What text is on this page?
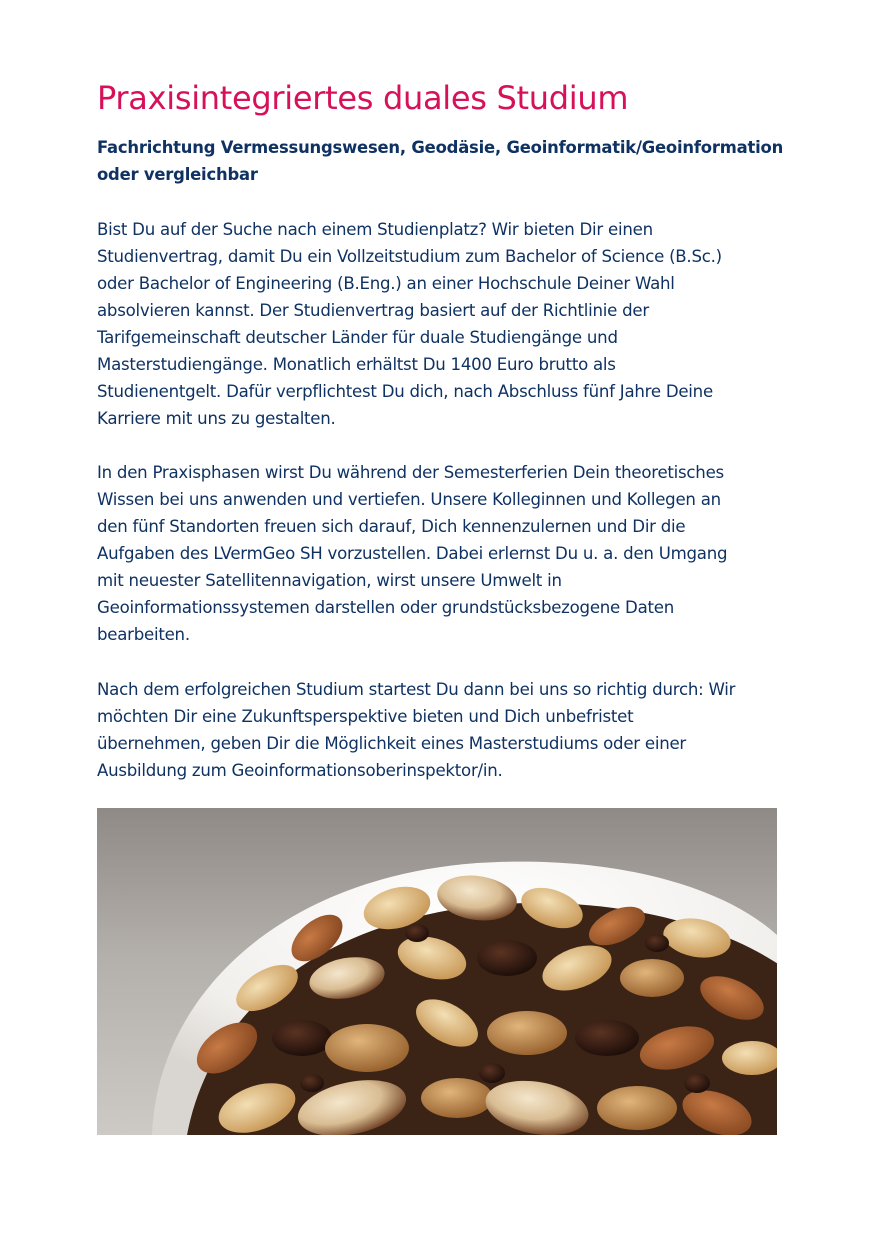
Praxisintegriertes duales Studium

Fachrichtung Vermessungswesen, Geodäsie, Geoinformatik/Geoinformation
oder vergleichbar

Bist Du auf der Suche nach einem Studienplatz? Wir bieten Dir einen
Studienvertrag, damit Du ein Vollzeitstudium zum Bachelor of Science (B.Sc.)
oder Bachelor of Engineering (B.Eng.) an einer Hochschule Deiner Wahl
absolvieren kannst. Der Studienvertrag basiert auf der Richtlinie der
Tarifgemeinschaft deutscher Länder für duale Studiengänge und
Masterstudiengänge. Monatlich erhältst Du 1400 Euro brutto als
Studienentgelt. Dafür verpflichtest Du dich, nach Abschluss fünf Jahre Deine
Karriere mit uns zu gestalten.

In den Praxisphasen wirst Du während der Semesterferien Dein theoretisches
Wissen bei uns anwenden und vertiefen. Unsere Kolleginnen und Kollegen an
den fünf Standorten freuen sich darauf, Dich kennenzulernen und Dir die
Aufgaben des LVermGeo SH vorzustellen. Dabei erlernst Du u. a. den Umgang
mit neuester Satellitennavigation, wirst unsere Umwelt in
Geoinformationssystemen darstellen oder grundstücksbezogene Daten
bearbeiten.

Nach dem erfolgreichen Studium startest Du dann bei uns so richtig durch: Wir
möchten Dir eine Zukunftsperspektive bieten und Dich unbefristet
übernehmen, geben Dir die Möglichkeit eines Masterstudiums oder einer
Ausbildung zum Geoinformationsoberinspektor/in.
